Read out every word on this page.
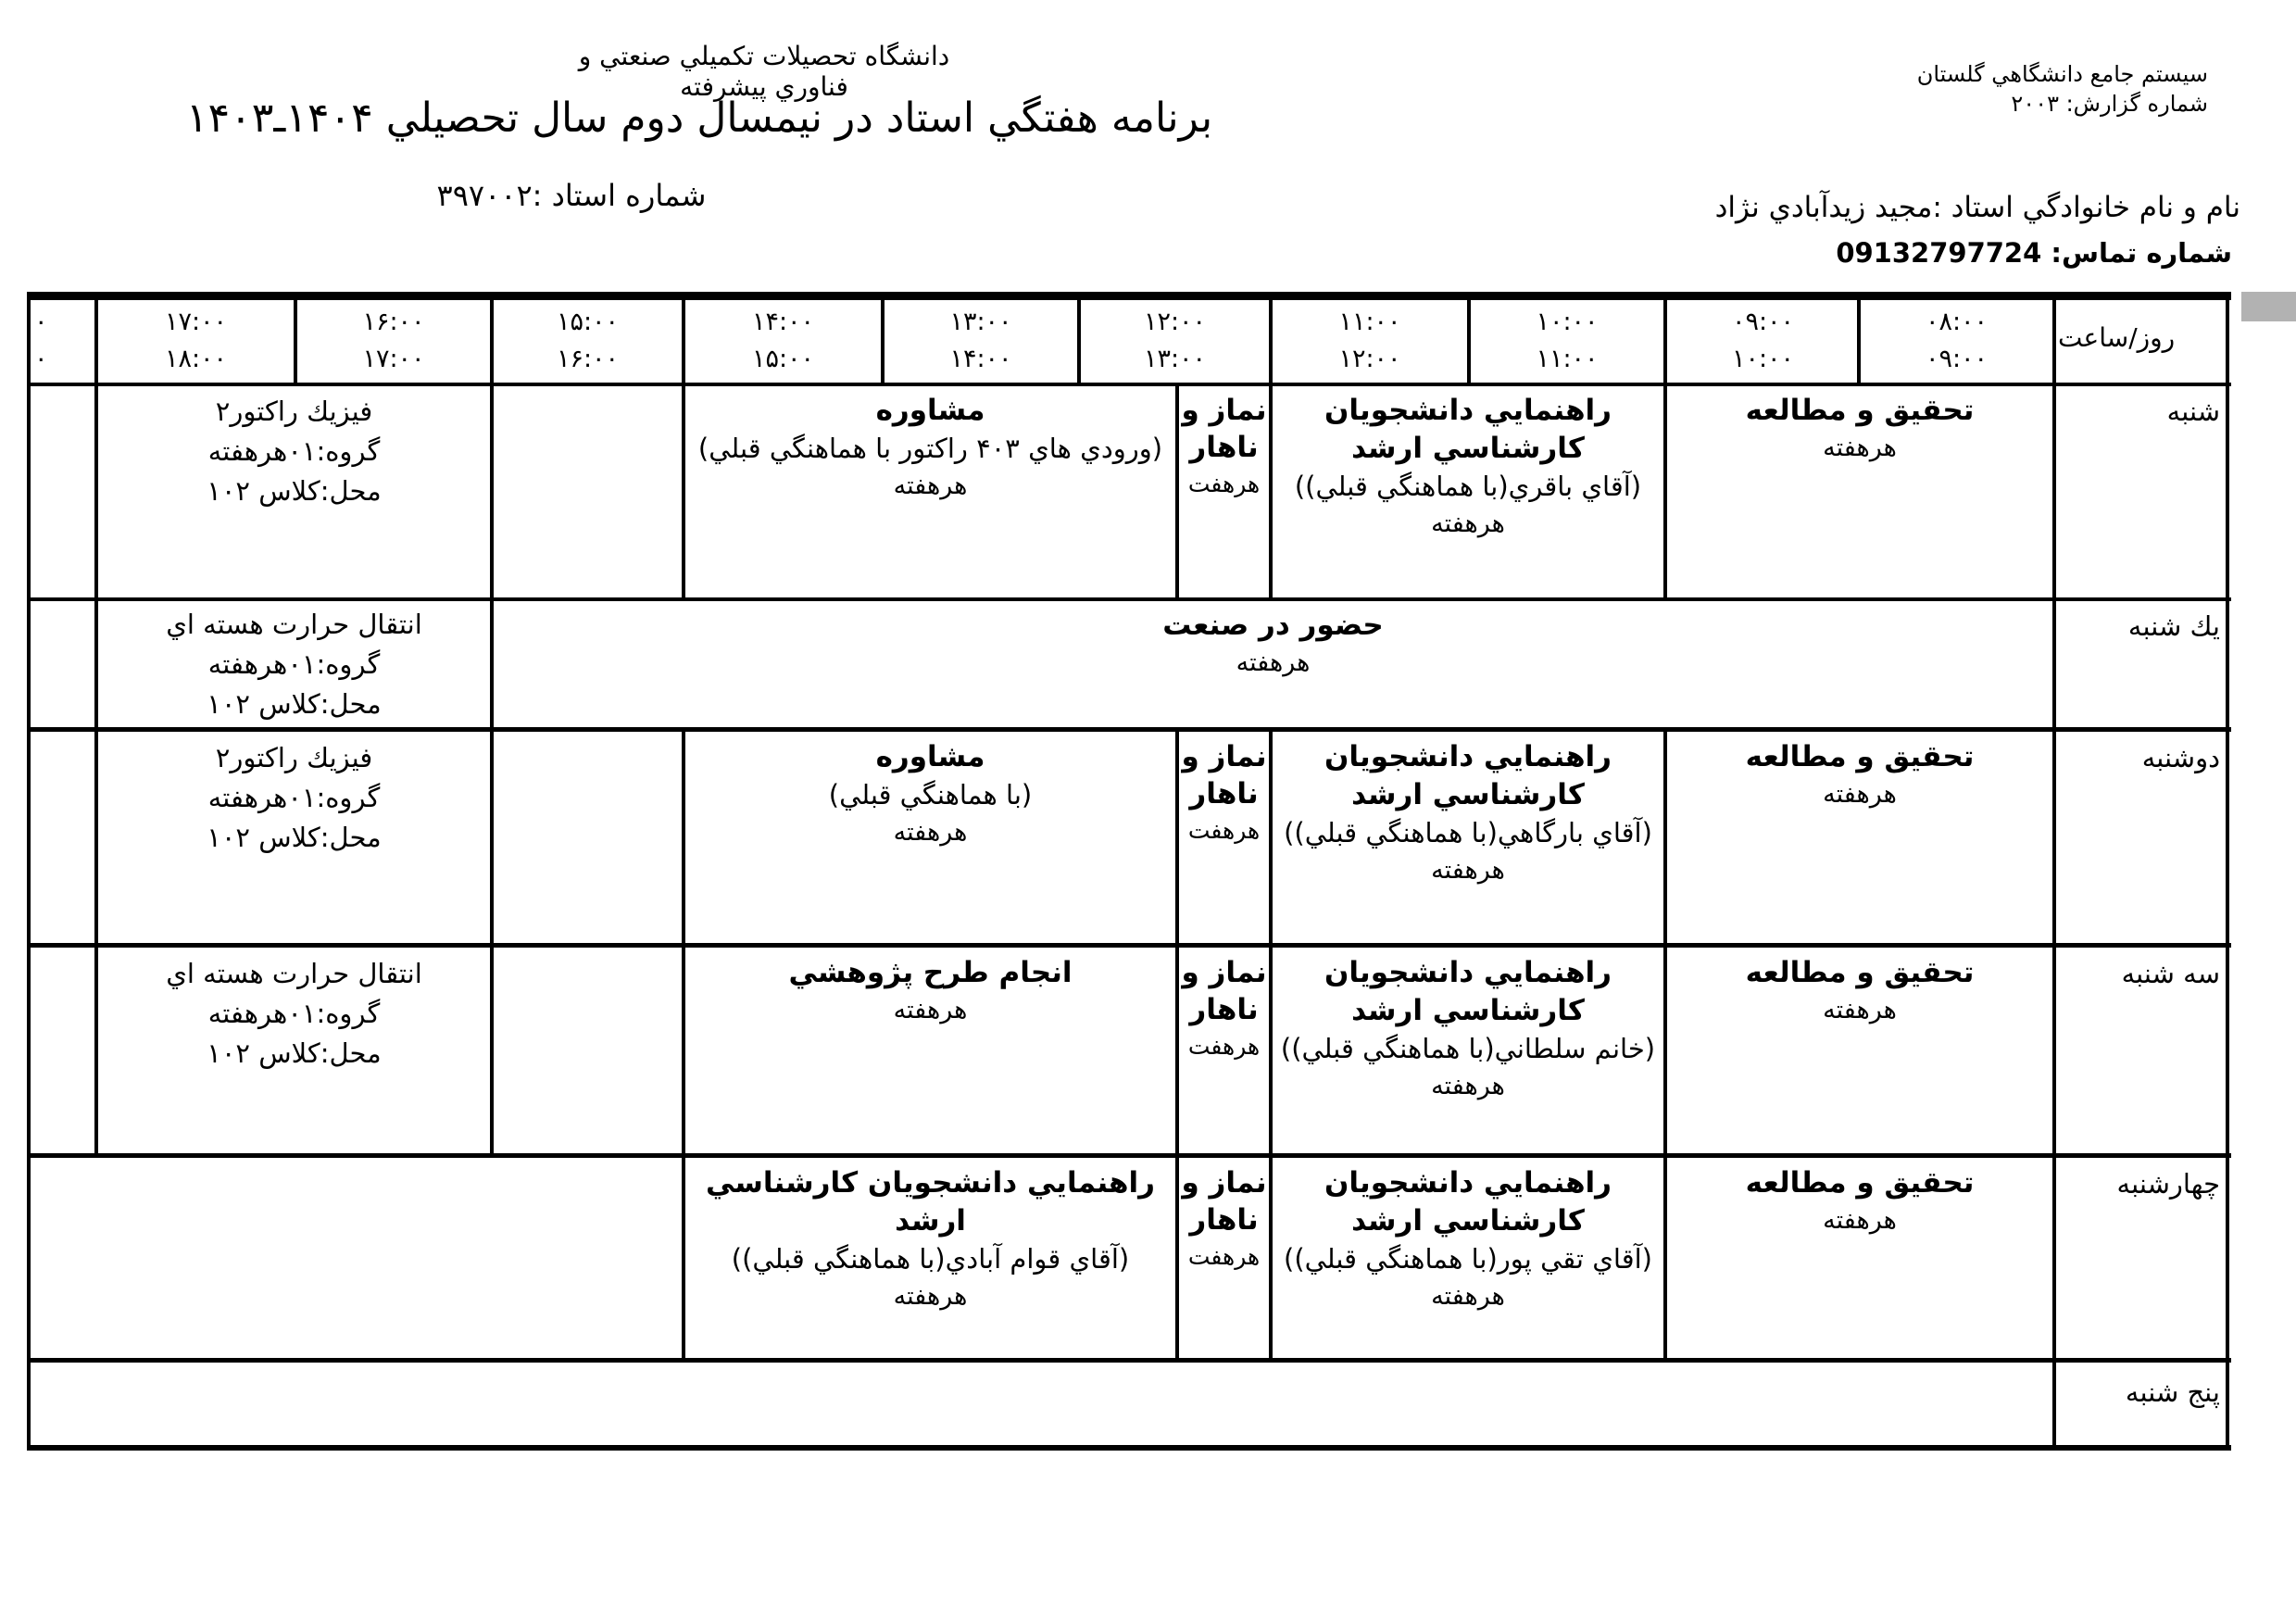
سيستم جامع دانشگاهي گلستان
شماره گزارش: ۲۰۰۳
دانشگاه تحصيلات تكميلي صنعتي و فناوري پيشرفته
برنامه هفتگي استاد در نيمسال دوم سال تحصيلي ۱۴۰۴ـ۱۴۰۳
شماره استاد :۳۹۷۰۰۲	نام و نام خانوادگي استاد :مجيد زيدآبادي نژاد
شماره تماس: 09132797724
روز/ساعت
۰۸:۰۰
۰۹:۰۰
۰۹:۰۰
۱۰:۰۰
۱۰:۰۰
۱۱:۰۰
۱۱:۰۰
۱۲:۰۰
۱۲:۰۰
۱۳:۰۰
۱۳:۰۰
۱۴:۰۰
۱۴:۰۰
۱۵:۰۰
۱۵:۰۰
۱۶:۰۰
۱۶:۰۰
۱۷:۰۰
۱۷:۰۰
۱۸:۰۰
۰
۰
شنبه
تحقيق و مطالعه
هرهفته
راهنمايي دانشجويان كارشناسي ارشد
(آقاي باقري(با هماهنگي قبلي))
هرهفته
نماز و ناهار
هرهفت
مشاوره
(ورودي هاي ۴۰۳ راكتور با هماهنگي قبلي)
هرهفته
فيزيك راكتور۲
گروه:۰۱هرهفته
محل:كلاس ۱۰۲
يك شنبه
حضور در صنعت
هرهفته
انتقال حرارت هسته اي
گروه:۰۱هرهفته
محل:كلاس ۱۰۲
دوشنبه
تحقيق و مطالعه
هرهفته
راهنمايي دانشجويان كارشناسي ارشد
(آقاي بارگاهي(با هماهنگي قبلي))
هرهفته
نماز و ناهار
هرهفت
مشاوره
(با هماهنگي قبلي)
هرهفته
فيزيك راكتور۲
گروه:۰۱هرهفته
محل:كلاس ۱۰۲
سه شنبه
تحقيق و مطالعه
هرهفته
راهنمايي دانشجويان كارشناسي ارشد
(خانم سلطاني(با هماهنگي قبلي))
هرهفته
نماز و ناهار
هرهفت
انجام طرح پژوهشي
هرهفته
انتقال حرارت هسته اي
گروه:۰۱هرهفته
محل:كلاس ۱۰۲
چهارشنبه
تحقيق و مطالعه
هرهفته
راهنمايي دانشجويان كارشناسي ارشد
(آقاي تقي پور(با هماهنگي قبلي))
هرهفته
نماز و ناهار
هرهفت
راهنمايي دانشجويان كارشناسي ارشد
(آقاي قوام آبادي(با هماهنگي قبلي))
هرهفته
پنج شنبه
